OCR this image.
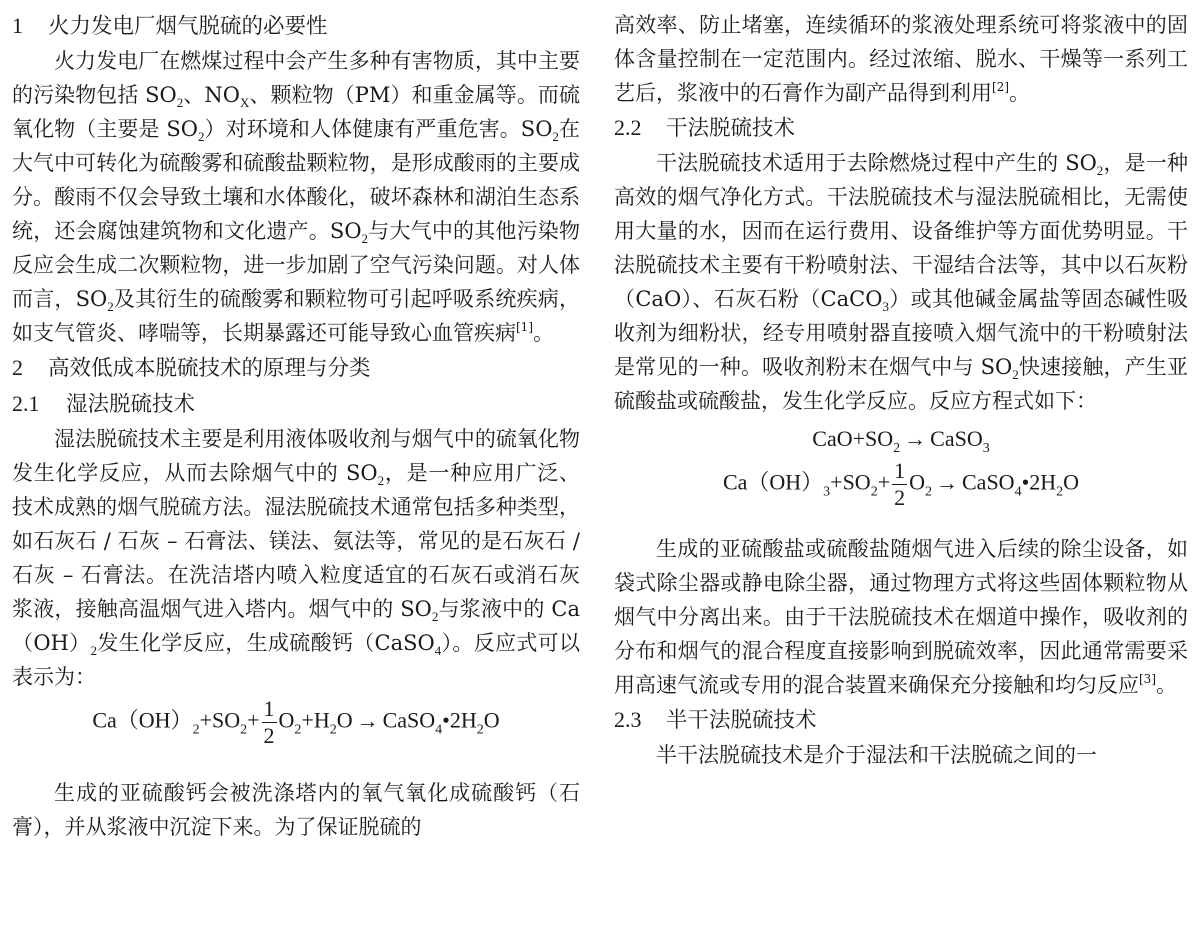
1 火力发电厂烟气脱硫的必要性

火力发电厂在燃煤过程中会产生多种有害物质，其中主要的污染物包括 $SO_2$、$NO_X$、颗粒物（PM）和重金属等。而硫氧化物（主要是 $SO_2$）对环境和人体健康有严重危害。$SO_2$在大气中可转化为硫酸雾和硫酸盐颗粒物，是形成酸雨的主要成分。酸雨不仅会导致土壤和水体酸化，破坏森林和湖泊生态系统，还会腐蚀建筑物和文化遗产。$SO_2$与大气中的其他污染物反应会生成二次颗粒物，进一步加剧了空气污染问题。对人体而言，$SO_2$及其衍生的硫酸雾和颗粒物可引起呼吸系统疾病，如支气管炎、哮喘等，长期暴露还可能导致心血管疾病[1]。

2 高效低成本脱硫技术的原理与分类
2.1 湿法脱硫技术

湿法脱硫技术主要是利用液体吸收剂与烟气中的硫氧化物发生化学反应，从而去除烟气中的 $SO_2$，是一种应用广泛、技术成熟的烟气脱硫方法。湿法脱硫技术通常包括多种类型，如石灰石 / 石灰 – 石膏法、镁法、氨法等，常见的是石灰石 / 石灰 – 石膏法。在洗洁塔内喷入粒度适宜的石灰石或消石灰浆液，接触高温烟气进入塔内。烟气中的 $SO_2$与浆液中的 $Ca(OH)_2$发生化学反应，生成硫酸钙（CaSO$_4$）。反应式可以表示为：

$Ca(OH)_2+SO_2+ \frac{1}{2} O_2+H_2O$ → $CaSO_4•2H_2O$

生成的亚硫酸钙会被洗涤塔内的氧气氧化成硫酸钙（石膏），并从浆液中沉淀下来。为了保证脱硫的

高效率、防止堵塞，连续循环的浆液处理系统可将浆液中的固体含量控制在一定范围内。经过浓缩、脱水、干燥等一系列工艺后，浆液中的石膏作为副产品得到利用[2]。

2.2 干法脱硫技术

干法脱硫技术适用于去除燃烧过程中产生的 $SO_2$，是一种高效的烟气净化方式。干法脱硫技术与湿法脱硫相比，无需使用大量的水，因而在运行费用、设备维护等方面优势明显。干法脱硫技术主要有干粉喷射法、干湿结合法等，其中以石灰粉（CaO）、石灰石粉（CaCO$_3$）或其他碱金属盐等固态碱性吸收剂为细粉状，经专用喷射器直接喷入烟气流中的干粉喷射法是常见的一种。吸收剂粉末在烟气中与 $SO_2$快速接触，产生亚硫酸盐或硫酸盐，发生化学反应。反应方程式如下：

$CaO+SO_2$ → CaSO$_3$
$Ca(OH)_3+SO_2+ \frac{1}{2} O_2$ → $CaSO_4•2H_2O$

生成的亚硫酸盐或硫酸盐随烟气进入后续的除尘设备，如袋式除尘器或静电除尘器，通过物理方式将这些固体颗粒物从烟气中分离出来。由于干法脱硫技术在烟道中操作，吸收剂的分布和烟气的混合程度直接影响到脱硫效率，因此通常需要采用高速气流或专用的混合装置来确保充分接触和均匀反应[3]。

2.3 半干法脱硫技术

半干法脱硫技术是介于湿法和干法脱硫之间的一
